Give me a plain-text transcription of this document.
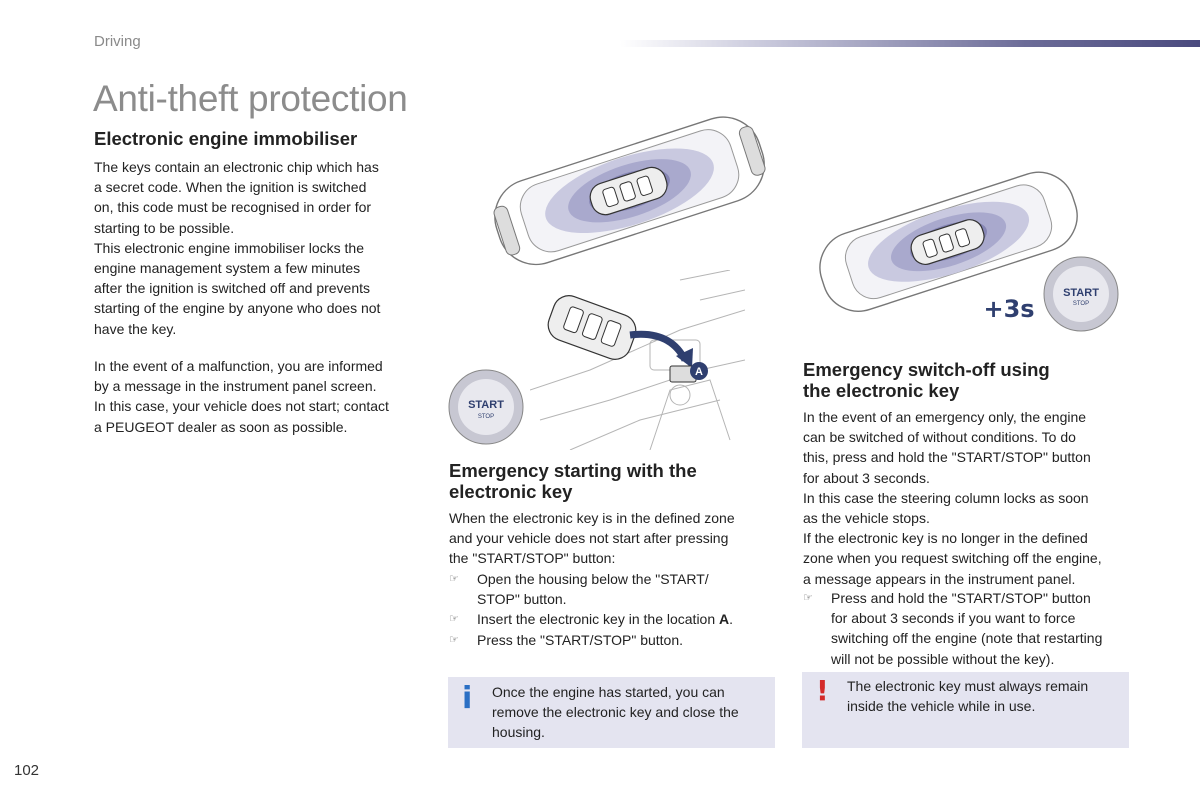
Driving
Anti-theft protection
Electronic engine immobiliser
The keys contain an electronic chip which has
a secret code. When the ignition is switched
on, this code must be recognised in order for
starting to be possible.
This electronic engine immobiliser locks the
engine management system a few minutes
after the ignition is switched off and prevents
starting of the engine by anyone who does not
have the key.
In the event of a malfunction, you are informed
by a message in the instrument panel screen.
In this case, your vehicle does not start; contact
a PEUGEOT dealer as soon as possible.
A
START
STOP
START
STOP
+3s
Emergency starting with the
electronic key
When the electronic key is in the defined zone
and your vehicle does not start after pressing
the "START/STOP" button:
☞	Open the housing below the "START/
STOP" button.
☞	Insert the electronic key in the location A.
☞	Press the "START/STOP" button.
i Once the engine has started, you can
remove the electronic key and close the
housing.
Emergency switch-off using
the electronic key
In the event of an emergency only, the engine
can be switched of without conditions. To do
this, press and hold the "START/STOP" button
for about 3 seconds.
In this case the steering column locks as soon
as the vehicle stops.
If the electronic key is no longer in the defined
zone when you request switching off the engine,
a message appears in the instrument panel.
☞	Press and hold the "START/STOP" button
for about 3 seconds if you want to force
switching off the engine (note that restarting
will not be possible without the key).
! The electronic key must always remain
inside the vehicle while in use.
102
